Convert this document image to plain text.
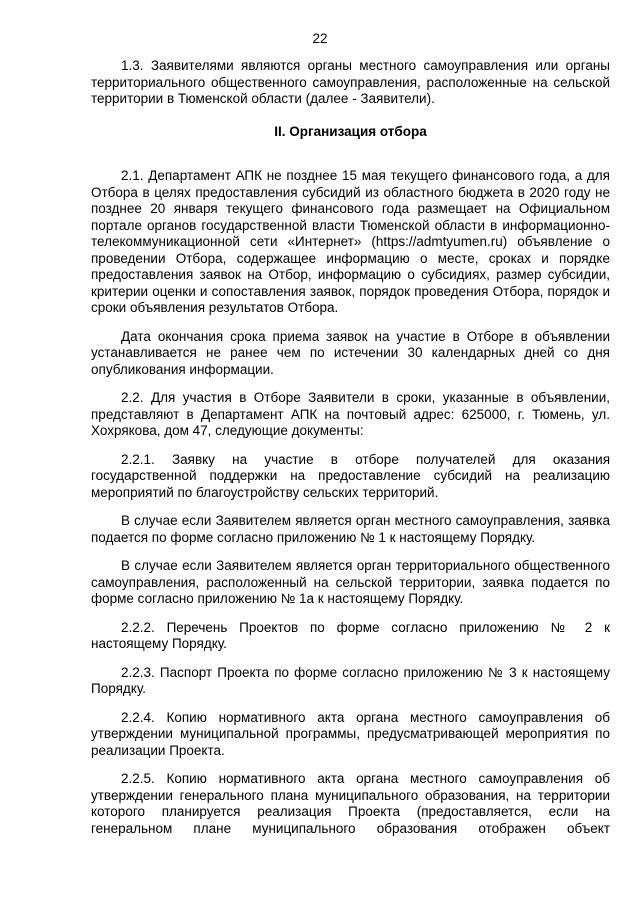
22

1.3. Заявителями являются органы местного самоуправления или органы территориального общественного самоуправления, расположенные на сельской территории в Тюменской области (далее - Заявители).

II. Организация отбора

2.1. Департамент АПК не позднее 15 мая текущего финансового года, а для Отбора в целях предоставления субсидий из областного бюджета в 2020 году не позднее 20 января текущего финансового года размещает на Официальном портале органов государственной власти Тюменской области в информационно-телекоммуникационной сети «Интернет» (https://admtyumen.ru) объявление о проведении Отбора, содержащее информацию о месте, сроках и порядке предоставления заявок на Отбор, информацию о субсидиях, размер субсидии, критерии оценки и сопоставления заявок, порядок проведения Отбора, порядок и сроки объявления результатов Отбора.

Дата окончания срока приема заявок на участие в Отборе в объявлении устанавливается не ранее чем по истечении 30 календарных дней со дня опубликования информации.

2.2. Для участия в Отборе Заявители в сроки, указанные в объявлении, представляют в Департамент АПК на почтовый адрес: 625000, г. Тюмень, ул. Хохрякова, дом 47, следующие документы:

2.2.1. Заявку на участие в отборе получателей для оказания государственной поддержки на предоставление субсидий на реализацию мероприятий по благоустройству сельских территорий.

В случае если Заявителем является орган местного самоуправления, заявка подается по форме согласно приложению № 1 к настоящему Порядку.

В случае если Заявителем является орган территориального общественного самоуправления, расположенный на сельской территории, заявка подается по форме согласно приложению № 1а к настоящему Порядку.

2.2.2. Перечень Проектов по форме согласно приложению № 2 к настоящему Порядку.

2.2.3. Паспорт Проекта по форме согласно приложению № 3 к настоящему Порядку.

2.2.4. Копию нормативного акта органа местного самоуправления об утверждении муниципальной программы, предусматривающей мероприятия по реализации Проекта.

2.2.5. Копию нормативного акта органа местного самоуправления об утверждении генерального плана муниципального образования, на территории которого планируется реализация Проекта (предоставляется, если на генеральном плане муниципального образования отображен объект
